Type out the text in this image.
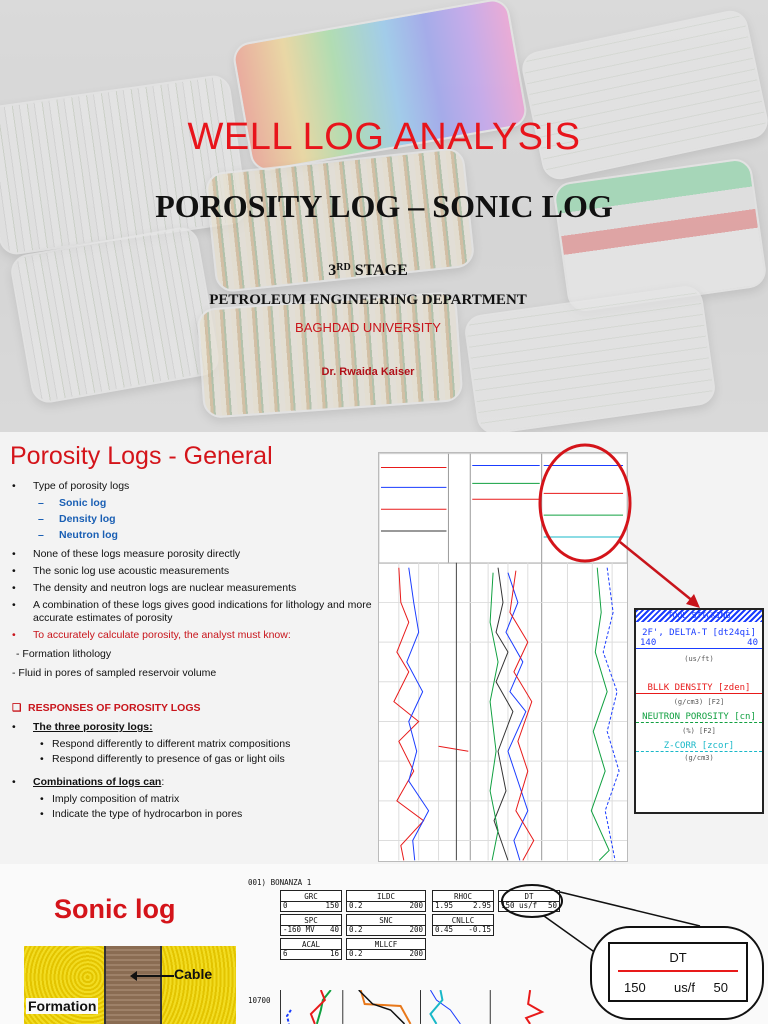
WELL LOG ANALYSIS
POROSITY LOG – SONIC LOG
3RD STAGE
PETROLEUM ENGINEERING DEPARTMENT
BAGHDAD UNIVERSITY
Dr. Rwaida Kaiser
Porosity Logs - General
•	Type of porosity logs
–	Sonic log
–	Density log
–	Neutron log
•	None of these logs measure porosity directly
•	The sonic log use acoustic measurements
•	The density and neutron logs are nuclear measurements
•	A combination of these logs gives good indications for lithology and more accurate estimates of porosity
•	To accurately calculate porosity, the analyst must know:
- Formation lithology
- Fluid in pores of sampled reservoir volume
❑ RESPONSES OF POROSITY LOGS
•	The three porosity logs:
• Respond differently to different matrix compositions
• Respond differently to presence of gas or light oils
•	Combinations of logs can:
• Imply composition of matrix
• Indicate the type of hydrocarbon in pores
TOOL STICKING
2F', DELTA-T [dt24qi]
140	40
(us/ft)
BLLK DENSITY [zden]
(g/cm3) [F2]
NEUTRON POROSITY [cn]
(%) [F2]
Z-CORR [zcor]
(g/cm3)
Sonic log
Cable
Formation
001) BONANZA 1
GRC
0	150
ILDC
0.2	200
RHOC
1.95	2.95
DT
150 us/f 50
SPC
-160 MV 40
SNC
0.2	200
CNLLC
0.45 -0.15
ACAL
6	16
MLLCF
0.2	200
10700
DT
150 us/f 50
